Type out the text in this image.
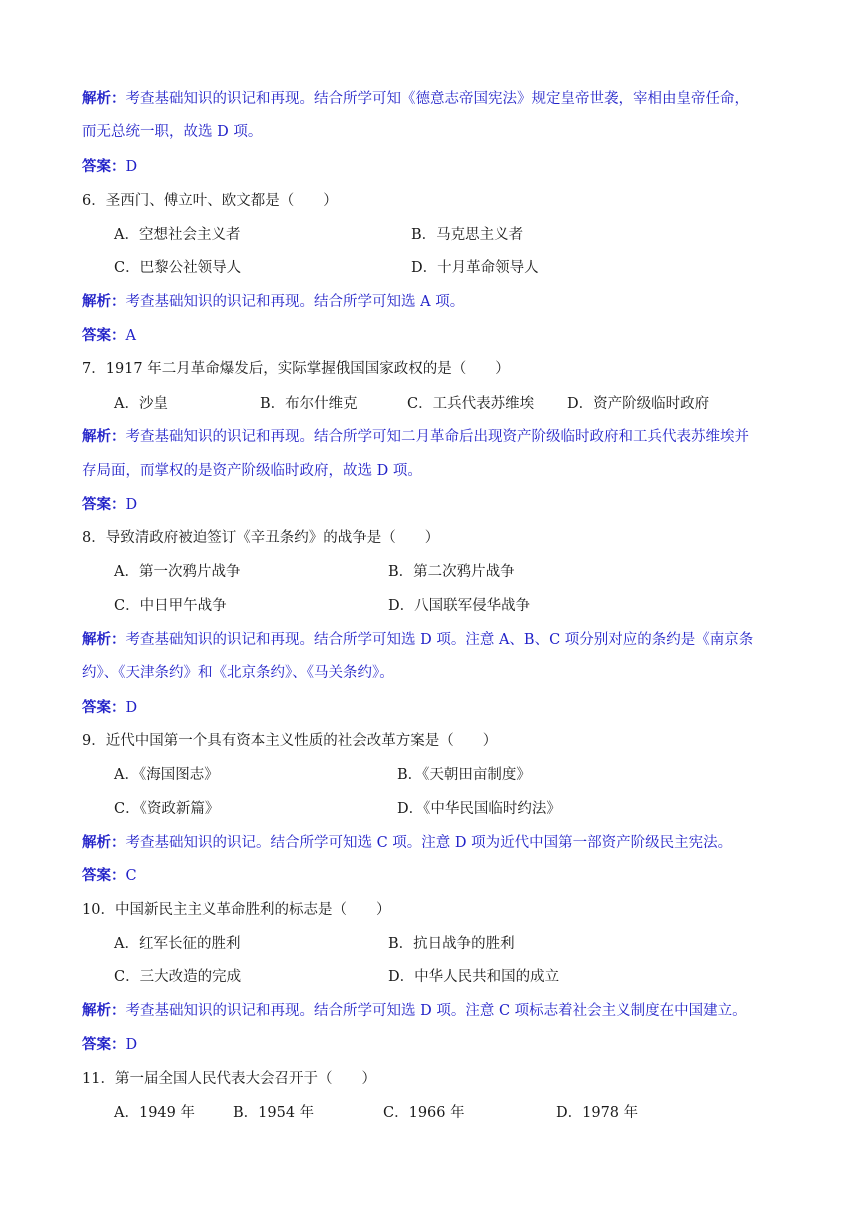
解析：考查基础知识的识记和再现。结合所学可知《德意志帝国宪法》规定皇帝世袭，宰相由皇帝任命，
而无总统一职，故选 D 项。
答案：D
6．圣西门、傅立叶、欧文都是（　　）
A．空想社会主义者	B．马克思主义者
C．巴黎公社领导人	D．十月革命领导人
解析：考查基础知识的识记和再现。结合所学可知选 A 项。
答案：A
7．1917 年二月革命爆发后，实际掌握俄国国家政权的是（　　）
A．沙皇	B．布尔什维克	C．工兵代表苏维埃 D．资产阶级临时政府
解析：考查基础知识的识记和再现。结合所学可知二月革命后出现资产阶级临时政府和工兵代表苏维埃并
存局面，而掌权的是资产阶级临时政府，故选 D 项。
答案：D
8．导致清政府被迫签订《辛丑条约》的战争是（　　）
A．第一次鸦片战争	B．第二次鸦片战争
C．中日甲午战争	D．八国联军侵华战争
解析：考查基础知识的识记和再现。结合所学可知选 D 项。注意 A、B、C 项分别对应的条约是《南京条
约》、《天津条约》和《北京条约》、《马关条约》。
答案：D
9．近代中国第一个具有资本主义性质的社会改革方案是（　　）
A．《海国图志》	B．《天朝田亩制度》
C．《资政新篇》	D．《中华民国临时约法》
解析：考查基础知识的识记。结合所学可知选 C 项。注意 D 项为近代中国第一部资产阶级民主宪法。
答案：C
10．中国新民主主义革命胜利的标志是（　　）
A．红军长征的胜利	B．抗日战争的胜利
C．三大改造的完成	D．中华人民共和国的成立
解析：考查基础知识的识记和再现。结合所学可知选 D 项。注意 C 项标志着社会主义制度在中国建立。
答案：D
11．第一届全国人民代表大会召开于（　　）
A．1949 年	B．1954 年	C．1966 年	D．1978 年
